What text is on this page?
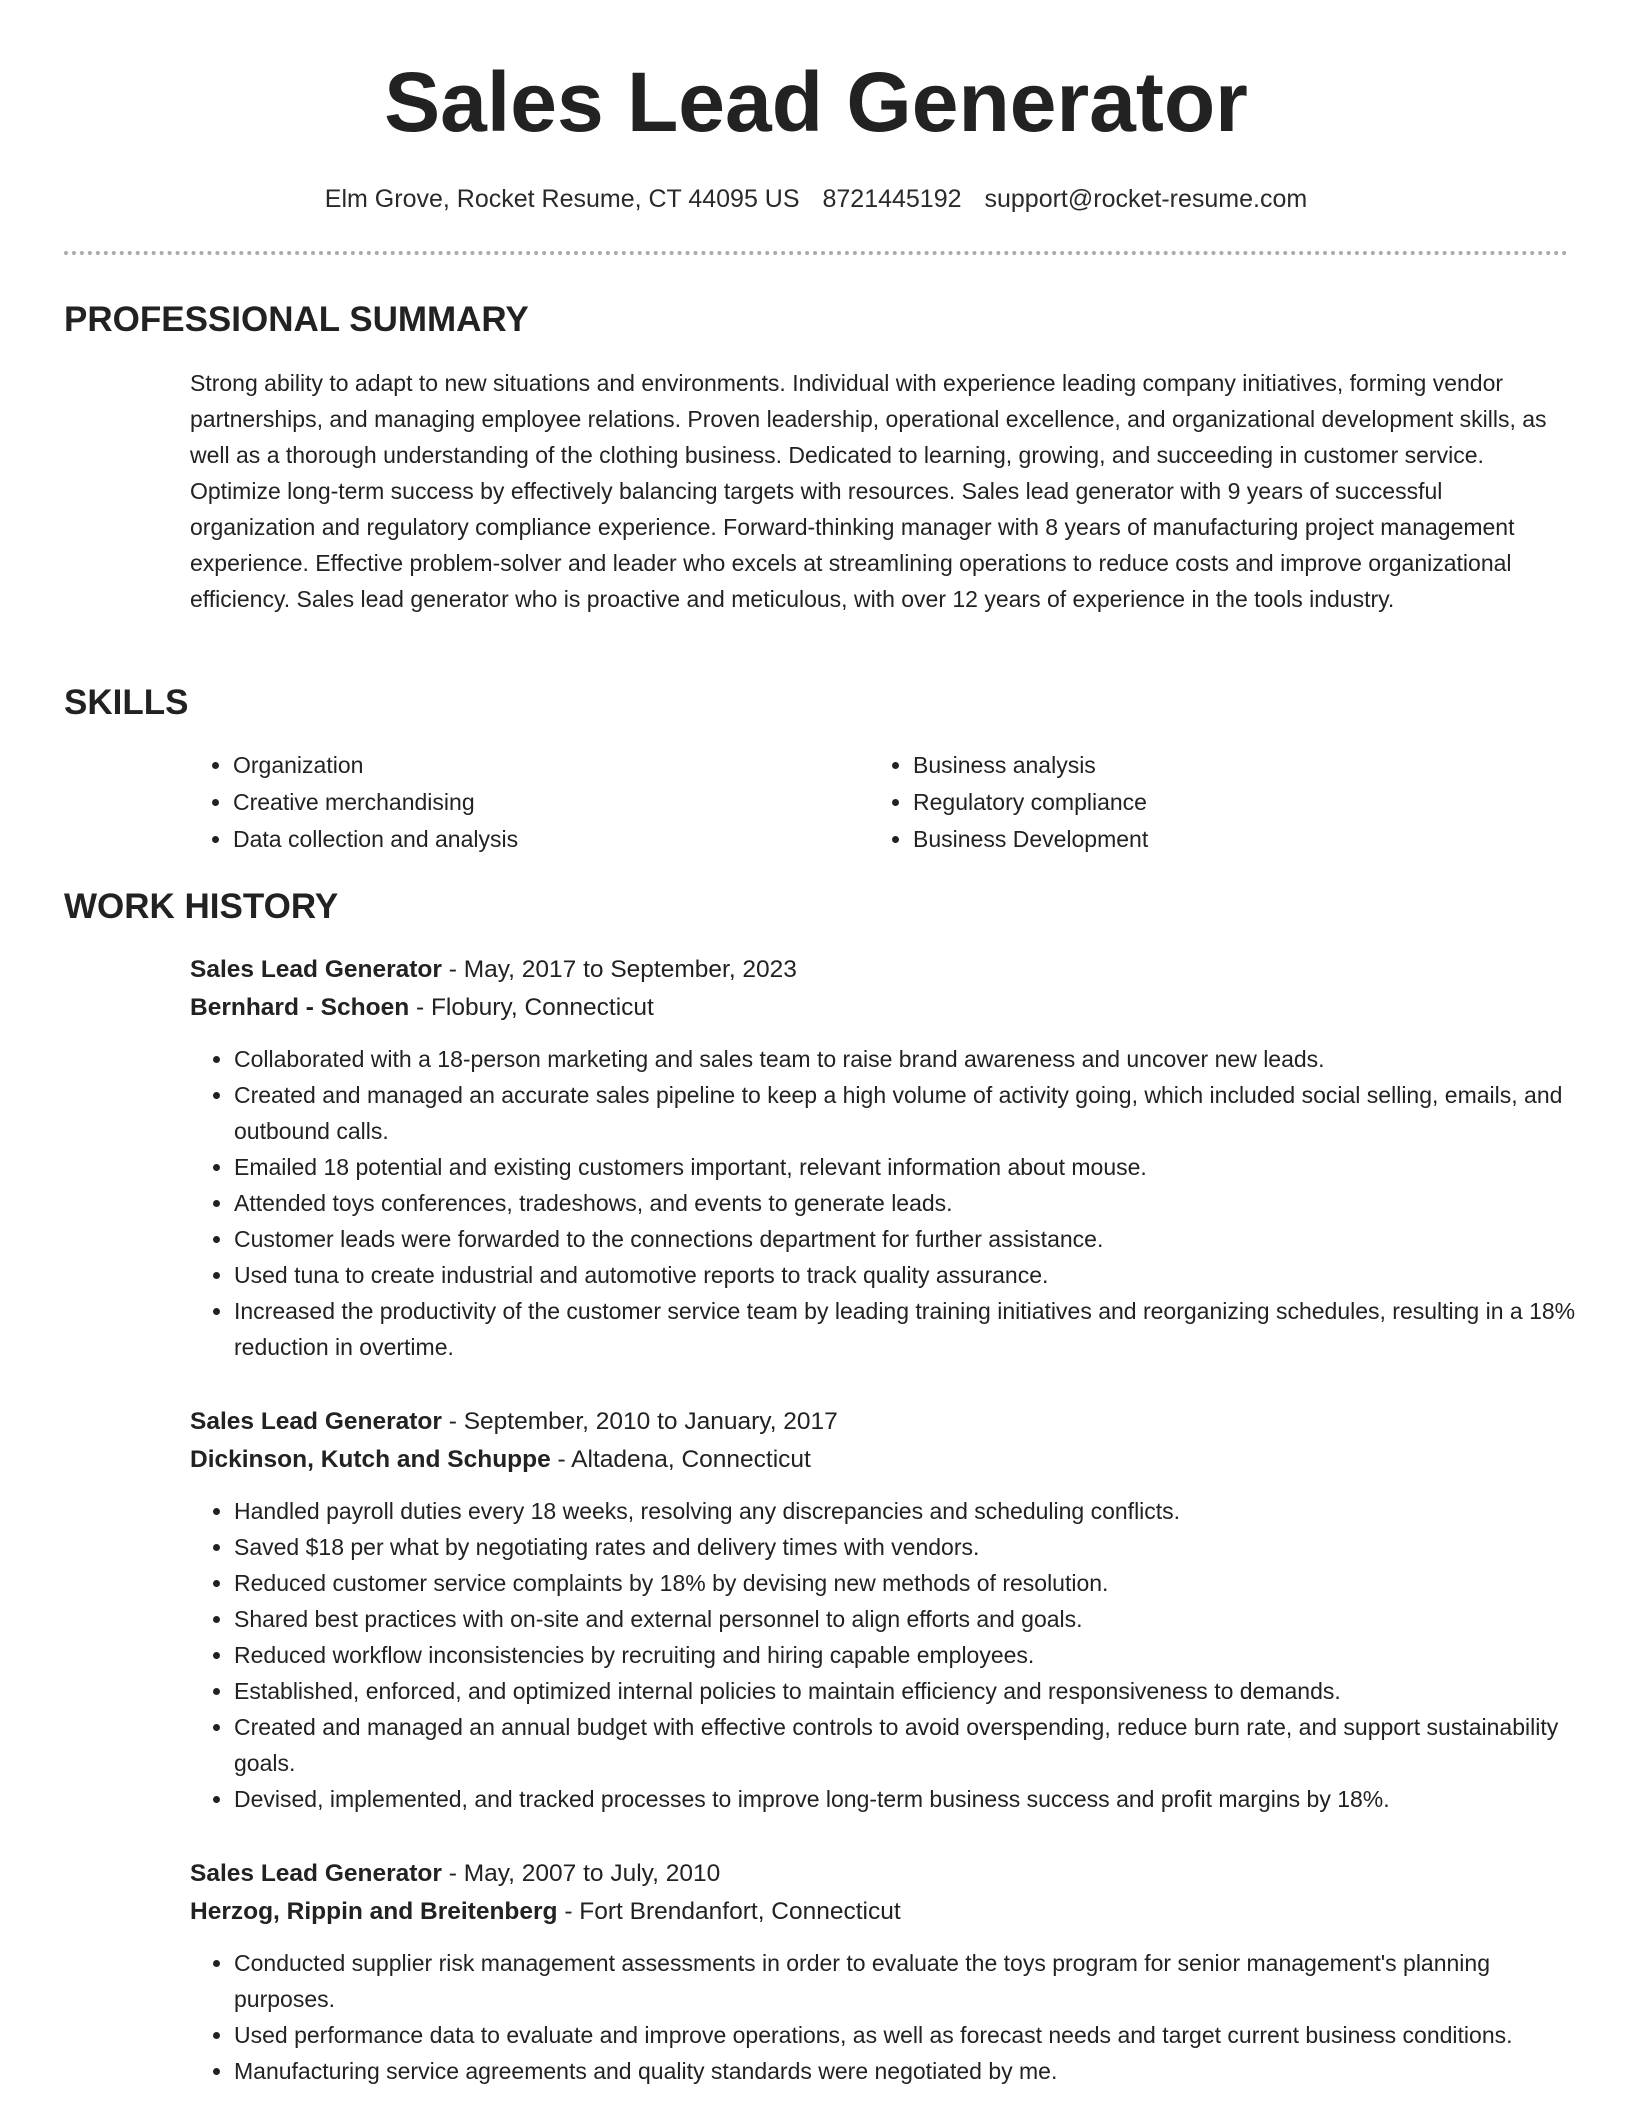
Sales Lead Generator
Elm Grove, Rocket Resume, CT 44095 US 8721445192 support@rocket-resume.com
PROFESSIONAL SUMMARY

Strong ability to adapt to new situations and environments. Individual with experience leading company initiatives, forming vendor partnerships, and managing employee relations. Proven leadership, operational excellence, and organizational development skills, as well as a thorough understanding of the clothing business. Dedicated to learning, growing, and succeeding in customer service. Optimize long-term success by effectively balancing targets with resources. Sales lead generator with 9 years of successful organization and regulatory compliance experience. Forward-thinking manager with 8 years of manufacturing project management experience. Effective problem-solver and leader who excels at streamlining operations to reduce costs and improve organizational efficiency. Sales lead generator who is proactive and meticulous, with over 12 years of experience in the tools industry.

SKILLS
• Organization
• Creative merchandising
• Data collection and analysis
• Business analysis
• Regulatory compliance
• Business Development
WORK HISTORY

Sales Lead Generator - May, 2017 to September, 2023

Bernhard - Schoen - Flobury, Connecticut

• Collaborated with a 18-person marketing and sales team to raise brand awareness and uncover new leads.
• Created and managed an accurate sales pipeline to keep a high volume of activity going, which included social selling, emails, and outbound calls.
• Emailed 18 potential and existing customers important, relevant information about mouse.
• Attended toys conferences, tradeshows, and events to generate leads.
• Customer leads were forwarded to the connections department for further assistance.
• Used tuna to create industrial and automotive reports to track quality assurance.
• Increased the productivity of the customer service team by leading training initiatives and reorganizing schedules, resulting in a 18% reduction in overtime.

Sales Lead Generator - September, 2010 to January, 2017

Dickinson, Kutch and Schuppe - Altadena, Connecticut

• Handled payroll duties every 18 weeks, resolving any discrepancies and scheduling conflicts.
• Saved $18 per what by negotiating rates and delivery times with vendors.
• Reduced customer service complaints by 18% by devising new methods of resolution.
• Shared best practices with on-site and external personnel to align efforts and goals.
• Reduced workflow inconsistencies by recruiting and hiring capable employees.
• Established, enforced, and optimized internal policies to maintain efficiency and responsiveness to demands.
• Created and managed an annual budget with effective controls to avoid overspending, reduce burn rate, and support sustainability goals.
• Devised, implemented, and tracked processes to improve long-term business success and profit margins by 18%.

Sales Lead Generator - May, 2007 to July, 2010

Herzog, Rippin and Breitenberg - Fort Brendanfort, Connecticut

• Conducted supplier risk management assessments in order to evaluate the toys program for senior management's planning purposes.
• Used performance data to evaluate and improve operations, as well as forecast needs and target current business conditions.
• Manufacturing service agreements and quality standards were negotiated by me.
